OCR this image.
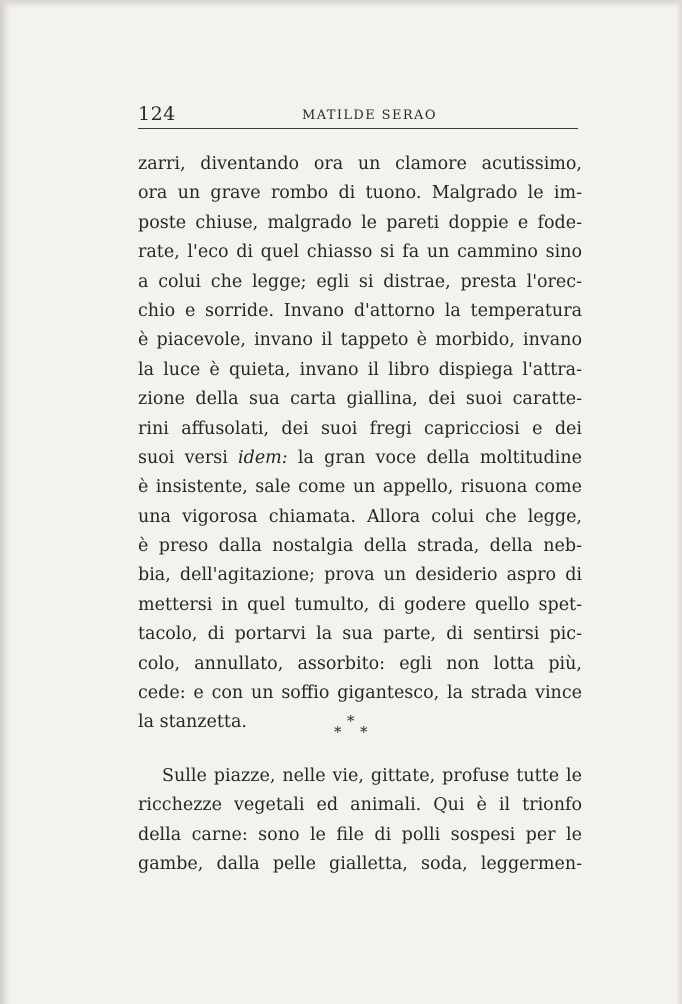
124	MATILDE SERAO
zarri, diventando ora un clamore acutissimo,
ora un grave rombo di tuono. Malgrado le im-
poste chiuse, malgrado le pareti doppie e fode-
rate, l'eco di quel chiasso si fa un cammino sino
a colui che legge; egli si distrae, presta l'orec-
chio e sorride. Invano d'attorno la temperatura
è piacevole, invano il tappeto è morbido, invano
la luce è quieta, invano il libro dispiega l'attra-
zione della sua carta giallina, dei suoi caratte-
rini affusolati, dei suoi fregi capricciosi e dei
suoi versi idem: la gran voce della moltitudine
è insistente, sale come un appello, risuona come
una vigorosa chiamata. Allora colui che legge,
è preso dalla nostalgia della strada, della neb-
bia, dell'agitazione; prova un desiderio aspro di
mettersi in quel tumulto, di godere quello spet-
tacolo, di portarvi la sua parte, di sentirsi pic-
colo, annullato, assorbito: egli non lotta più,
cede: e con un soffio gigantesco, la strada vince
la stanzetta.	*
* *
Sulle piazze, nelle vie, gittate, profuse tutte le
ricchezze vegetali ed animali. Qui è il trionfo
della carne: sono le file di polli sospesi per le
gambe, dalla pelle gialletta, soda, leggermen-
